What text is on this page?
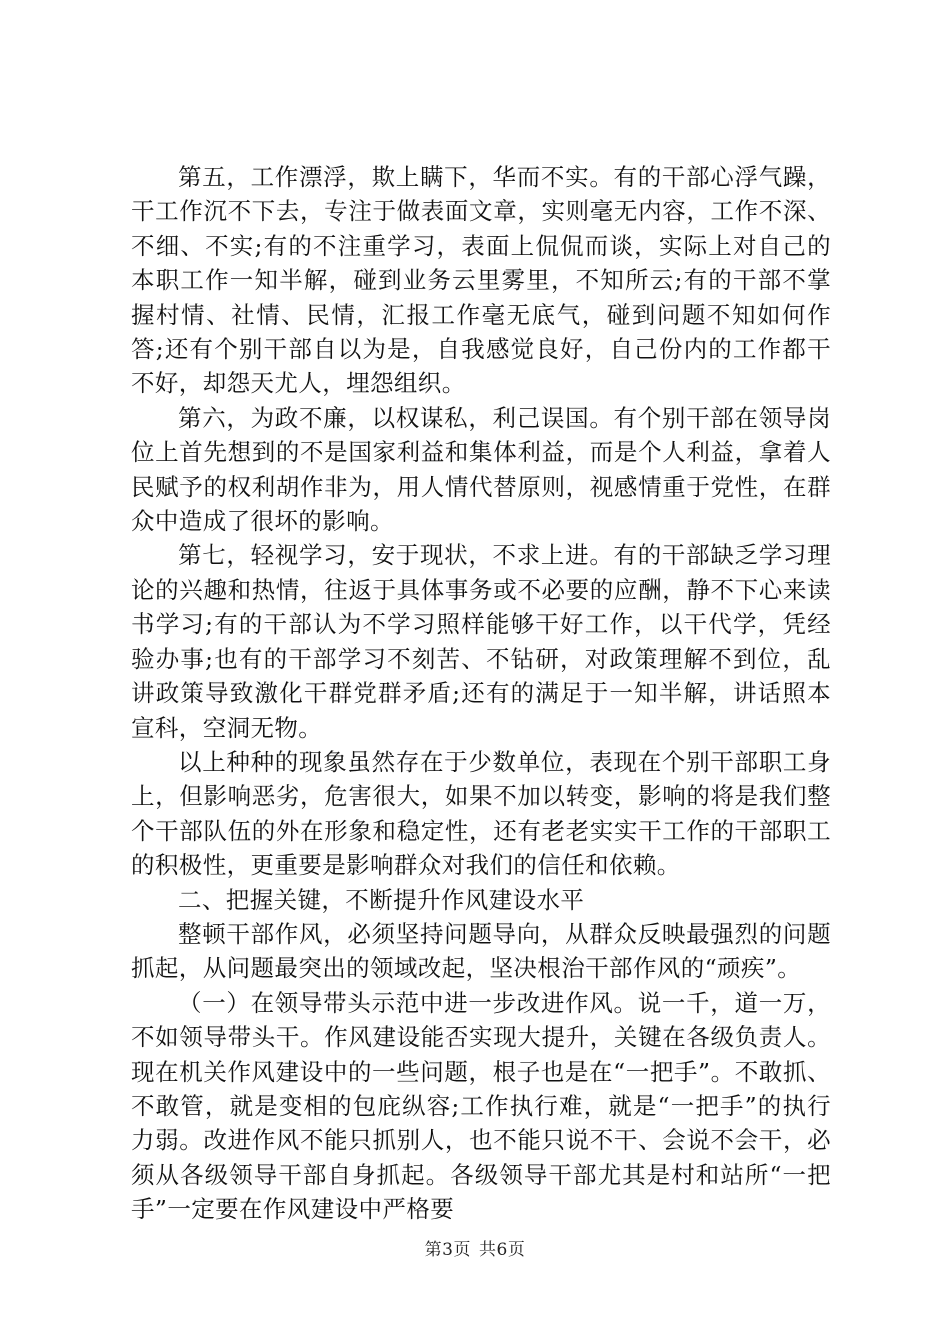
第五，工作漂浮，欺上瞒下，华而不实。有的干部心浮气躁，干工作沉不下去，专注于做表面文章，实则毫无内容，工作不深、不细、不实;有的不注重学习，表面上侃侃而谈，实际上对自己的本职工作一知半解，碰到业务云里雾里，不知所云;有的干部不掌握村情、社情、民情，汇报工作毫无底气，碰到问题不知如何作答;还有个别干部自以为是，自我感觉良好，自己份内的工作都干不好，却怨天尤人，埋怨组织。

第六，为政不廉，以权谋私，利己误国。有个别干部在领导岗位上首先想到的不是国家利益和集体利益，而是个人利益，拿着人民赋予的权利胡作非为，用人情代替原则，视感情重于党性，在群众中造成了很坏的影响。

第七，轻视学习，安于现状，不求上进。有的干部缺乏学习理论的兴趣和热情，往返于具体事务或不必要的应酬，静不下心来读书学习;有的干部认为不学习照样能够干好工作，以干代学，凭经验办事;也有的干部学习不刻苦、不钻研，对政策理解不到位，乱讲政策导致激化干群党群矛盾;还有的满足于一知半解，讲话照本宣科，空洞无物。

以上种种的现象虽然存在于少数单位，表现在个别干部职工身上，但影响恶劣，危害很大，如果不加以转变，影响的将是我们整个干部队伍的外在形象和稳定性，还有老老实实干工作的干部职工的积极性，更重要是影响群众对我们的信任和依赖。

二、把握关键，不断提升作风建设水平

整顿干部作风，必须坚持问题导向，从群众反映最强烈的问题抓起，从问题最突出的领域改起，坚决根治干部作风的“顽疾”。

（一）在领导带头示范中进一步改进作风。说一千，道一万，不如领导带头干。作风建设能否实现大提升，关键在各级负责人。现在机关作风建设中的一些问题，根子也是在“一把手”。不敢抓、不敢管，就是变相的包庇纵容;工作执行难，就是“一把手”的执行力弱。改进作风不能只抓别人，也不能只说不干、会说不会干，必须从各级领导干部自身抓起。各级领导干部尤其是村和站所“一把手”一定要在作风建设中严格要

第3页 共6页
